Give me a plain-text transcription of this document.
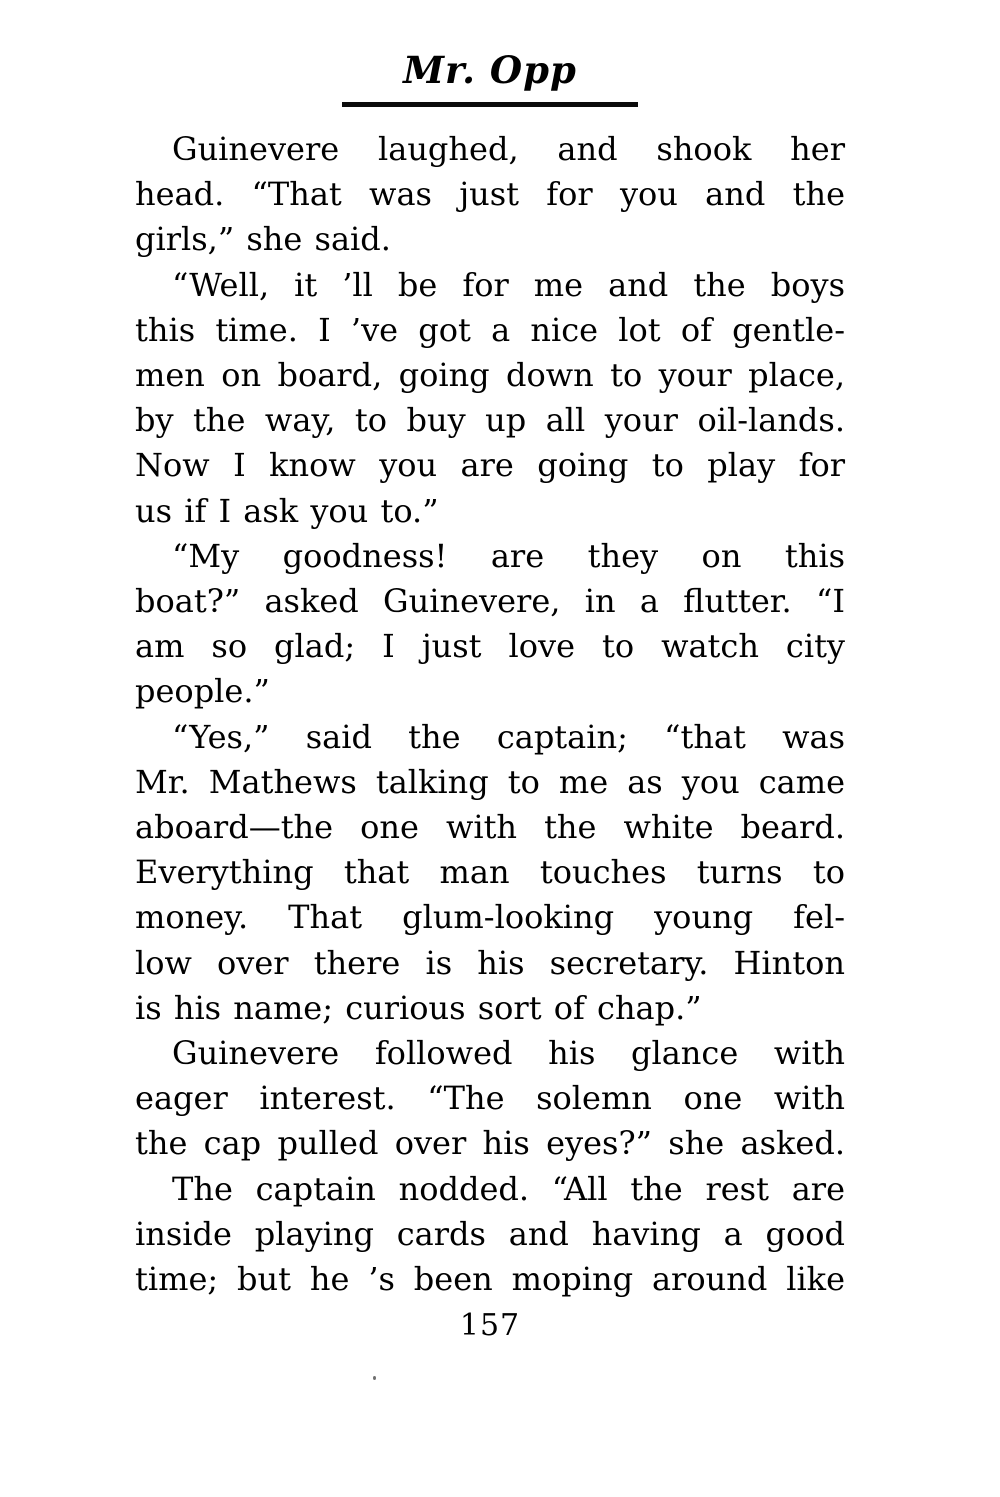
Mr. Opp
Guinevere laughed, and shook her
head. “That was just for you and the
girls,” she said.
“Well, it ’ll be for me and the boys
this time. I ’ve got a nice lot of gentle-
men on board, going down to your place,
by the way, to buy up all your oil-lands.
Now I know you are going to play for
us if I ask you to.”
“My goodness! are they on this
boat?” asked Guinevere, in a flutter. “I
am so glad; I just love to watch city
people.”
“Yes,” said the captain; “that was
Mr. Mathews talking to me as you came
aboard—the one with the white beard.
Everything that man touches turns to
money. That glum-looking young fel-
low over there is his secretary. Hinton
is his name; curious sort of chap.”
Guinevere followed his glance with
eager interest. “The solemn one with
the cap pulled over his eyes?” she asked.
The captain nodded. “All the rest are
inside playing cards and having a good
time; but he ’s been moping around like
157
